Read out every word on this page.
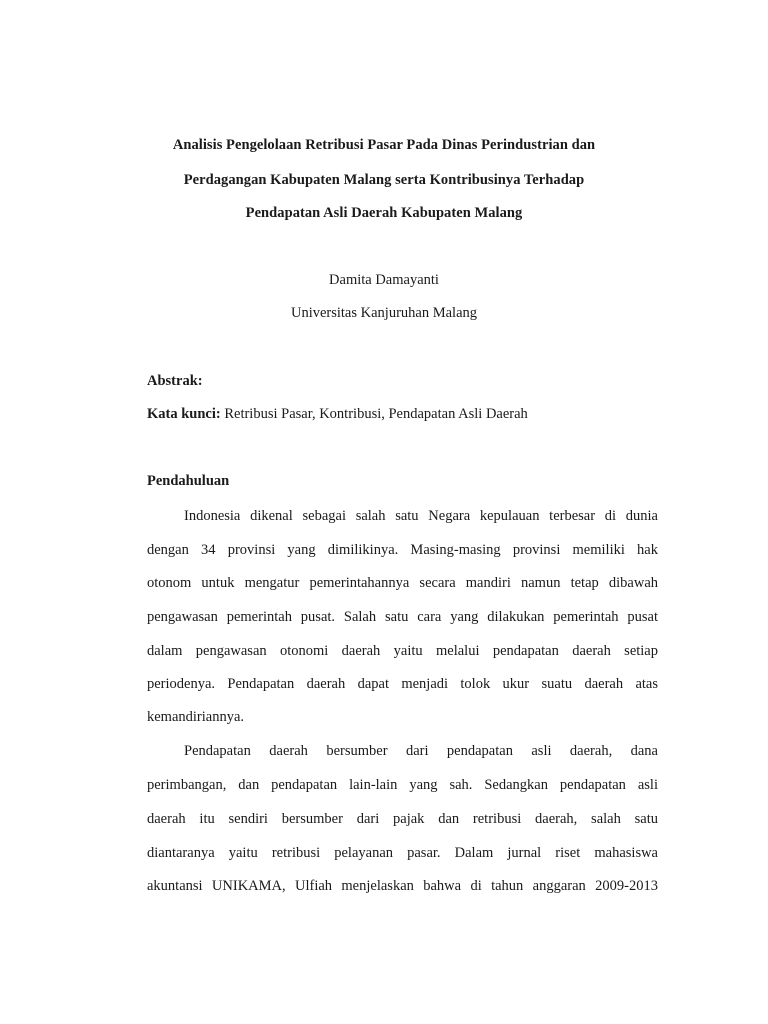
Analisis Pengelolaan Retribusi Pasar Pada Dinas Perindustrian dan
Perdagangan Kabupaten Malang serta Kontribusinya Terhadap
Pendapatan Asli Daerah Kabupaten Malang
Damita Damayanti
Universitas Kanjuruhan Malang
Abstrak:
Kata kunci: Retribusi Pasar, Kontribusi, Pendapatan Asli Daerah
Pendahuluan
Indonesia dikenal sebagai salah satu Negara kepulauan terbesar di dunia
dengan 34 provinsi yang dimilikinya. Masing-masing provinsi memiliki hak
otonom untuk mengatur pemerintahannya secara mandiri namun tetap dibawah
pengawasan pemerintah pusat. Salah satu cara yang dilakukan pemerintah pusat
dalam pengawasan otonomi daerah yaitu melalui pendapatan daerah setiap
periodenya. Pendapatan daerah dapat menjadi tolok ukur suatu daerah atas
kemandiriannya.
Pendapatan daerah bersumber dari pendapatan asli daerah, dana
perimbangan, dan pendapatan lain-lain yang sah. Sedangkan pendapatan asli
daerah itu sendiri bersumber dari pajak dan retribusi daerah, salah satu
diantaranya yaitu retribusi pelayanan pasar. Dalam jurnal riset mahasiswa
akuntansi UNIKAMA, Ulfiah menjelaskan bahwa di tahun anggaran 2009-2013
